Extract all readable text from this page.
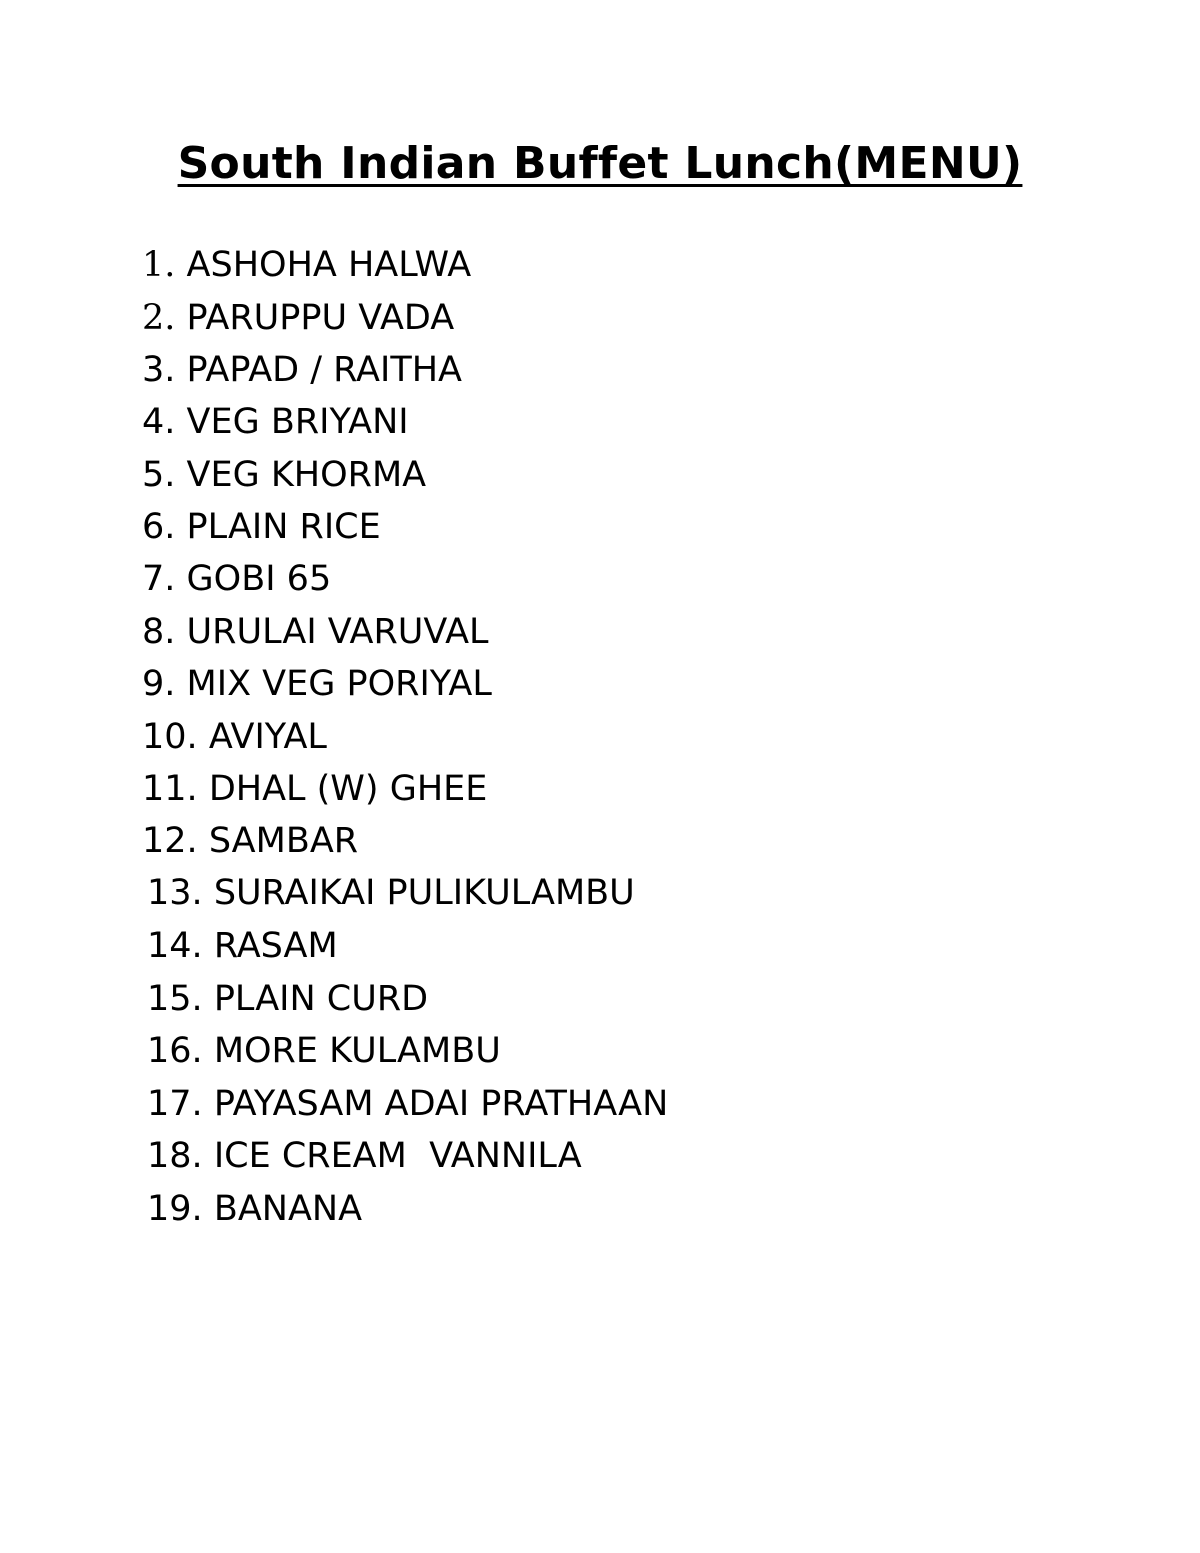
South Indian Buffet Lunch(MENU)
1. ASHOHA HALWA
2. PARUPPU VADA
3. PAPAD / RAITHA
4. VEG BRIYANI
5. VEG KHORMA
6. PLAIN RICE
7. GOBI 65
8. URULAI VARUVAL
9. MIX VEG PORIYAL
10. AVIYAL
11. DHAL (W) GHEE
12. SAMBAR
13. SURAIKAI PULIKULAMBU
14. RASAM
15. PLAIN CURD
16. MORE KULAMBU
17. PAYASAM ADAI PRATHAAN
18. ICE CREAM  VANNILA
19. BANANA
